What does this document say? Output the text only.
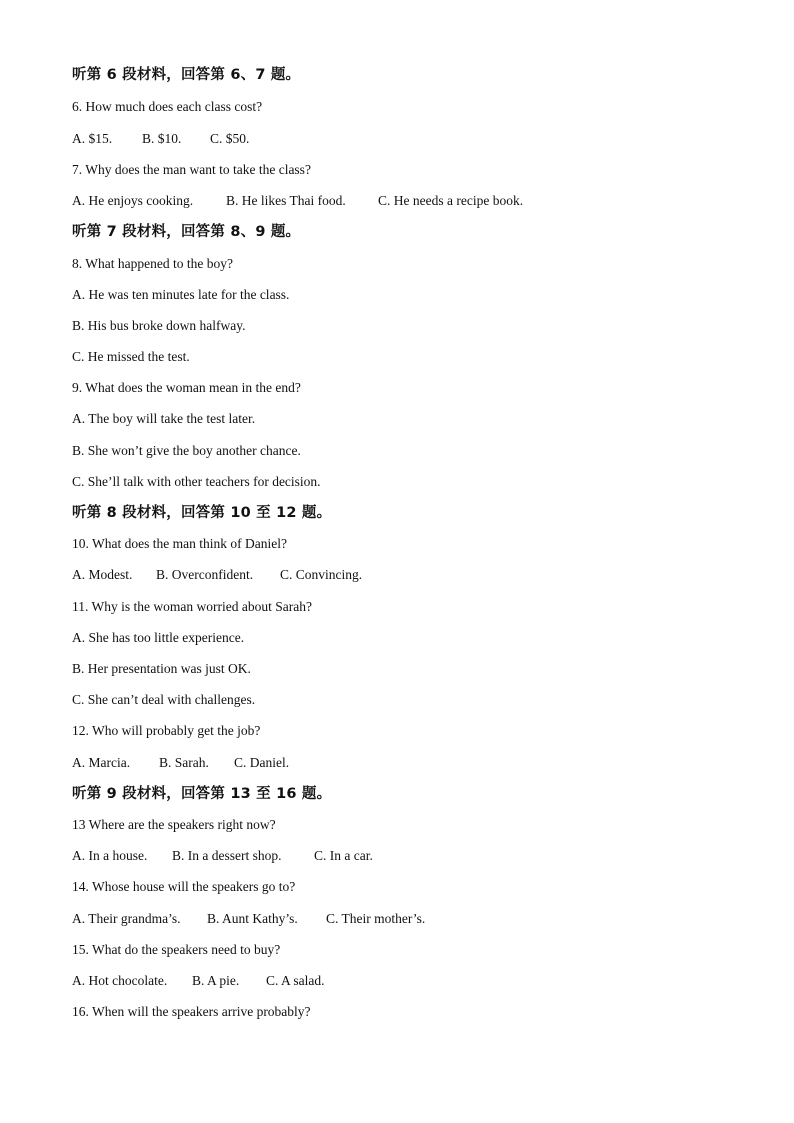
听第 6 段材料，回答第 6、7 题。
6. How much does each class cost?
A. $15.	B. $10.	C. $50.
7. Why does the man want to take the class?
A. He enjoys cooking.	B. He likes Thai food.	C. He needs a recipe book.
听第 7 段材料，回答第 8、9 题。
8. What happened to the boy?
A. He was ten minutes late for the class.
B. His bus broke down halfway.
C. He missed the test.
9. What does the woman mean in the end?
A. The boy will take the test later.
B. She won’t give the boy another chance.
C. She’ll talk with other teachers for decision.
听第 8 段材料，回答第 10 至 12 题。
10. What does the man think of Daniel?
A. Modest.	B. Overconfident.	C. Convincing.
11. Why is the woman worried about Sarah?
A. She has too little experience.
B. Her presentation was just OK.
C. She can’t deal with challenges.
12. Who will probably get the job?
A. Marcia.	B. Sarah.	C. Daniel.
听第 9 段材料，回答第 13 至 16 题。
13 Where are the speakers right now?
A. In a house.	B. In a dessert shop.	C. In a car.
14. Whose house will the speakers go to?
A. Their grandma’s.	B. Aunt Kathy’s.	C. Their mother’s.
15. What do the speakers need to buy?
A. Hot chocolate.	B. A pie.	C. A salad.
16. When will the speakers arrive probably?
